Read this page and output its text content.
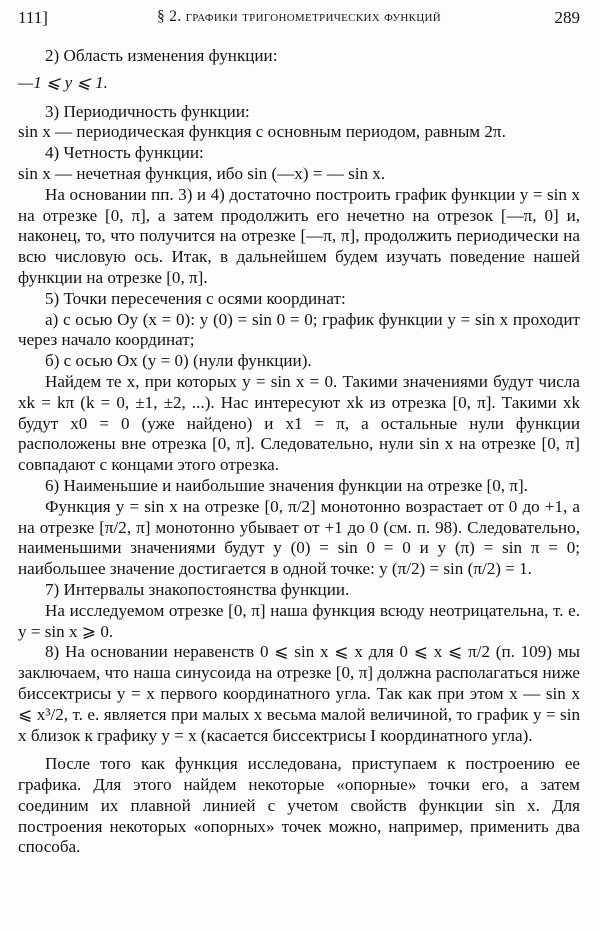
111]	§ 2. графики тригонометрических функций	289

2) Область изменения функции:

—1 ⩽ y ⩽ 1.

3) Периодичность функции:

sin x — периодическая функция с основным периодом, равным 2π.

4) Четность функции:

sin x — нечетная функция, ибо sin (—x) = — sin x.

На основании пп. 3) и 4) достаточно построить график функции y = sin x на отрезке [0, π], а затем продолжить его нечетно на отрезок [—π, 0] и, наконец, то, что получится на отрезке [—π, π], продолжить периодически на всю числовую ось. Итак, в дальнейшем будем изучать поведение нашей функции на отрезке [0, π].

5) Точки пересечения с осями координат:

а) с осью Oy (x = 0): y (0) = sin 0 = 0; график функции y = sin x проходит через начало координат;

б) с осью Ox (y = 0) (нули функции).

Найдем те x, при которых y = sin x = 0. Такими значениями будут числа xk = kπ (k = 0, ±1, ±2, ...). Нас интересуют xk из отрезка [0, π]. Такими xk будут x0 = 0 (уже найдено) и x1 = π, а остальные нули функции расположены вне отрезка [0, π]. Следовательно, нули sin x на отрезке [0, π] совпадают с концами этого отрезка.

6) Наименьшие и наибольшие значения функции на отрезке [0, π].

Функция y = sin x на отрезке [0, π/2] монотонно возрастает от 0 до +1, а на отрезке [π/2, π] монотонно убывает от +1 до 0 (см. п. 98). Следовательно, наименьшими значениями будут y (0) = sin 0 = 0 и y (π) = sin π = 0; наибольшее значение достигается в одной точке: y (π/2) = sin (π/2) = 1.

7) Интервалы знакопостоянства функции.

На исследуемом отрезке [0, π] наша функция всюду неотрицательна, т. е. y = sin x ⩾ 0.

8) На основании неравенств 0 ⩽ sin x ⩽ x для 0 ⩽ x ⩽ π/2 (п. 109) мы заключаем, что наша синусоида на отрезке [0, π] должна располагаться ниже биссектрисы y = x первого координатного угла. Так как при этом x — sin x ⩽ x³/2, т. е. является при малых x весьма малой величиной, то график y = sin x близок к графику y = x (касается биссектрисы I координатного угла).

После того как функция исследована, приступаем к построению ее графика. Для этого найдем некоторые «опорные» точки его, а затем соединим их плавной линией с учетом свойств функции sin x. Для построения некоторых «опорных» точек можно, например, применить два способа.
